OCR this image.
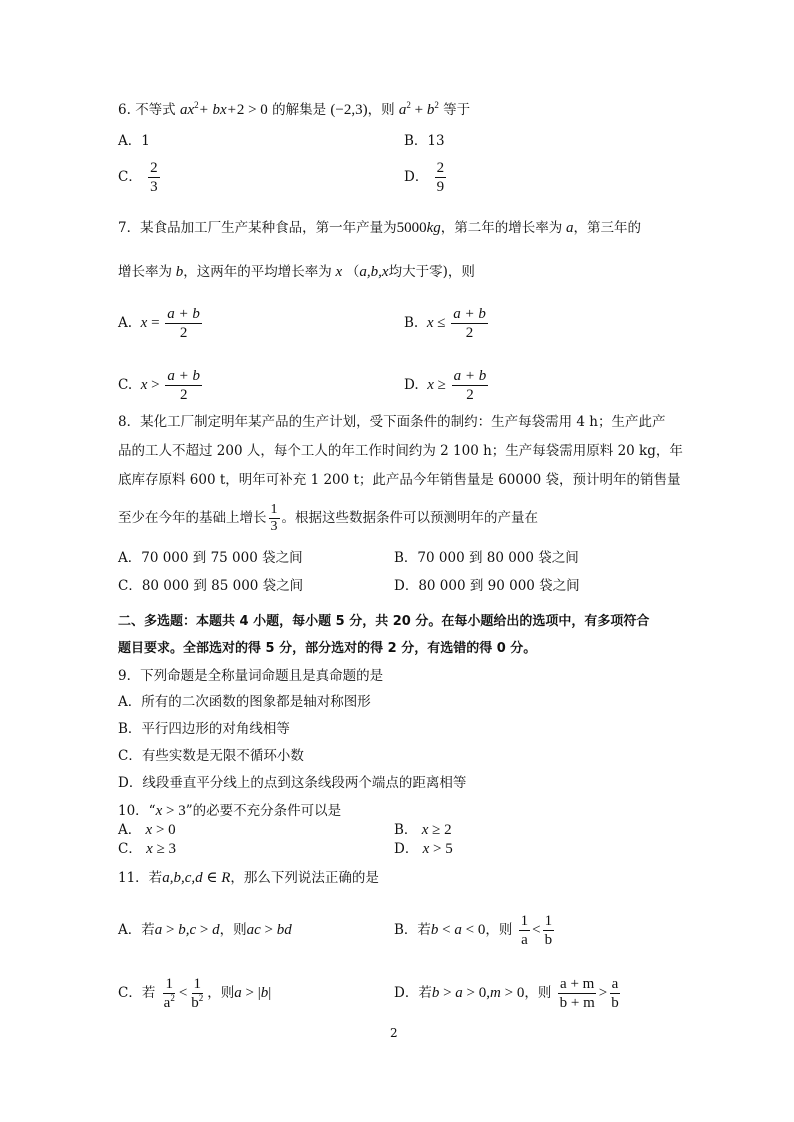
6. 不等式 $ax^2+ bx+2 > 0$ 的解集是 (−2,3)，则 $a^2 + b^2$ 等于
A．1	B．13
C． $\frac{2}{3}$	D． $\frac{2}{9}$
7．某食品加工厂生产某种食品，第一年产量为5000kg，第二年的增长率为 a，第三年的
增长率为 b，这两年的平均增长率为 x （a,b,x均大于零)，则
A. $x = \frac{a + b}{2}$	B. $x \le \frac{a + b}{2}$
C. $x > \frac{a + b}{2}$	D. $x \ge \frac{a + b}{2}$
8．某化工厂制定明年某产品的生产计划，受下面条件的制约：生产每袋需用 4 h；生产此产
品的工人不超过 200 人，每个工人的年工作时间约为 2 100 h；生产每袋需用原料 20 kg，年
底库存原料 600 t，明年可补充 1 200 t；此产品今年销售量是 60000 袋，预计明年的销售量
至少在今年的基础上增长 $\frac{1}{3}$ 。根据这些数据条件可以预测明年的产量在
A．70 000 到 75 000 袋之间	B．70 000 到 80 000 袋之间
C．80 000 到 85 000 袋之间	D．80 000 到 90 000 袋之间
二、多选题：本题共 4 小题，每小题 5 分，共 20 分。在每小题给出的选项中，有多项符合
题目要求。全部选对的得 5 分，部分选对的得 2 分，有选错的得 0 分。
9．下列命题是全称量词命题且是真命题的是
A．所有的二次函数的图象都是轴对称图形
B．平行四边形的对角线相等
C．有些实数是无限不循环小数
D．线段垂直平分线上的点到这条线段两个端点的距离相等
10．“x > 3”的必要不充分条件可以是
A． x > 0	B． x ≥ 2
C． x ≥ 3	D． x > 5
11．若a,b,c,d ∈ R，那么下列说法正确的是
A．若a > b,c > d，则ac > bd	B．若b < a < 0，则 $\frac{1}{a} < \frac{1}{b}$
C．若 $\frac{1}{a^2} < \frac{1}{b^2}$ ，则a > |b|	D．若b > a > 0,m > 0，则 $\frac{a + m}{b + m} > \frac{a}{b}$
2
